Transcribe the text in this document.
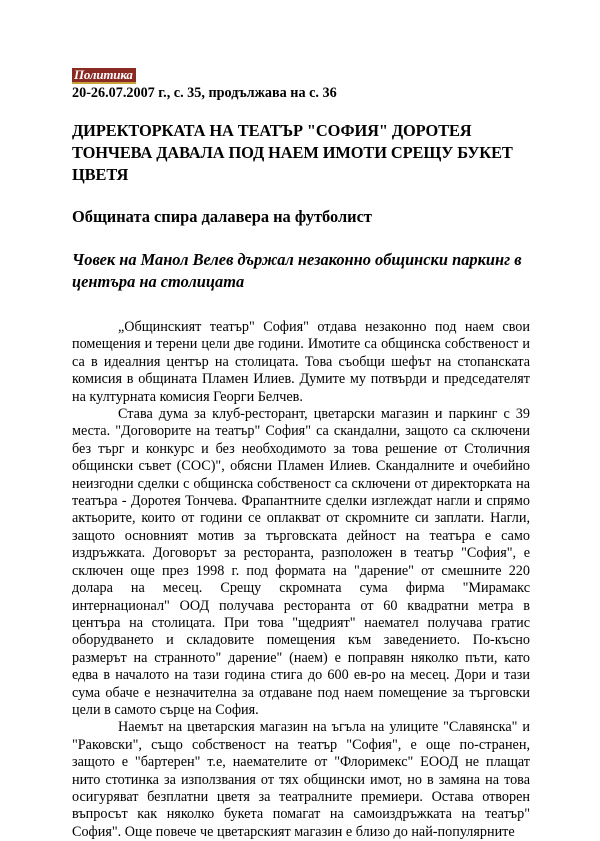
Политика
20-26.07.2007 г., с. 35, продължава на с. 36
ДИРЕКТОРКАТА НА ТЕАТЪР "СОФИЯ" ДОРОТЕЯ ТОНЧЕВА ДАВАЛА ПОД НАЕМ ИМОТИ СРЕЩУ БУКЕТ ЦВЕТЯ
Общината спира далавера на футболист
Човек на Манол Велев държал незаконно общински паркинг в центъра на столицата

„Общинският театър" София" отдава незаконно под наем свои помещения и терени цели две години. Имотите са общинска собственост и са в идеалния център на столицата. Това съобщи шефът на стопанската комисия в общината Пламен Илиев. Думите му потвърди и председателят на културната комисия Георги Белчев.

Става дума за клуб-ресторант, цветарски магазин и паркинг с 39 места. "Договорите на театър" София" са скандални, защото са сключени без търг и конкурс и без необходимото за това решение от Столичния общински съвет (СОС)", обясни Пламен Илиев. Скандалните и очебийно неизгодни сделки с общинска собственост са сключени от директорката на театъра - Доротея Тончева. Фрапантните сделки изглеждат нагли и спрямо актьорите, които от години се оплакват от скромните си заплати. Нагли, защото основният мотив за търговската дейност на театъра е само издръжката. Договорът за ресторанта, разположен в театър "София", е сключен още през 1998 г. под формата на "дарение" от смешните 220 долара на месец. Срещу скромната сума фирма "Мирамакс интернационал" ООД получава ресторанта от 60 квадратни метра в центъра на столицата. При това "щедрият" наемател получава гратис оборудването и складовите помещения към заведението. По-късно размерът на странното" дарение" (наем) е поправян няколко пъти, като едва в началото на тази година стига до 600 ев-ро на месец. Дори и тази сума обаче е незначителна за отдаване под наем помещение за търговски цели в самото сърце на София.

Наемът на цветарския магазин на ъгъла на улиците "Славянска" и "Раковски", също собственост на театър "София", е още по-странен, защото е "бартерен" т.е, наемателите от "Флоримекс" ЕООД не плащат нито стотинка за използвания от тях общински имот, но в замяна на това осигуряват безплатни цветя за театралните премиери. Остава отворен въпросът как няколко букета помагат на самоиздръжката на театър" София". Още повече че цветарският магазин е близо до най-популярните
